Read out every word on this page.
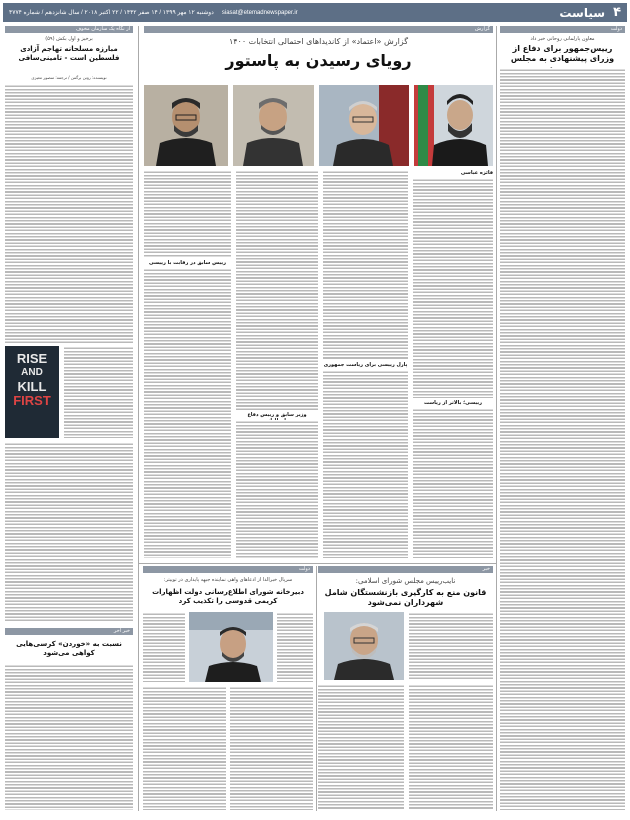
۴
سیاست
siasat@etemadnewspaper.ir
دوشنبه ۱۲ مهر ۱۳۹۹ / ۱۴ صفر ۱۴۴۲ / ۲۲ اکتبر ۲۰۱۸ / سال شانزدهم / شماره ۴۷۷۴
دولت
معاون پارلمانی روحانی خبر داد
رییس‌جمهور برای دفاع از وزرای پیشنهادی به مجلس
گزارش
گزارش «اعتماد» از کاندیداهای احتمالی انتخابات ۱۴۰۰
رویای رسیدن به پاستور
فائزه عباسی
رییسی؛ بالاتر از ریاست
پارل رییسی برای ریاست جمهوری
وزیر سابق و رییس دفاع
رییس‌ سابق در رقابت با رییسی
از نگاه یک سازمان مخوف
برخیز و اول بکش (۵۹)
مبارزه مسلحانه تهاجم آزادی فلسطین است - تامینی‌سافی
نویسنده: رونن برگمن / ترجمه: منصور معیزی
RISE
AND
KILL
FIRST
خبر آخر
نسبت به «خوردن» کرسی‌هایی کواهی می‌شود
خبر
نایب‌رییس مجلس شورای اسلامی:
قانون منع به کارگیری بازنشستگان شامل شهرداران نمی‌شود
دولت
سرپال خبرالدا از ادعاهای واهی نماینده جبهه پایداری در توییتر:
دبیرخانه شورای اطلاع‌رسانی دولت اظهارات کریمی قدوسی را تکذیب کرد
